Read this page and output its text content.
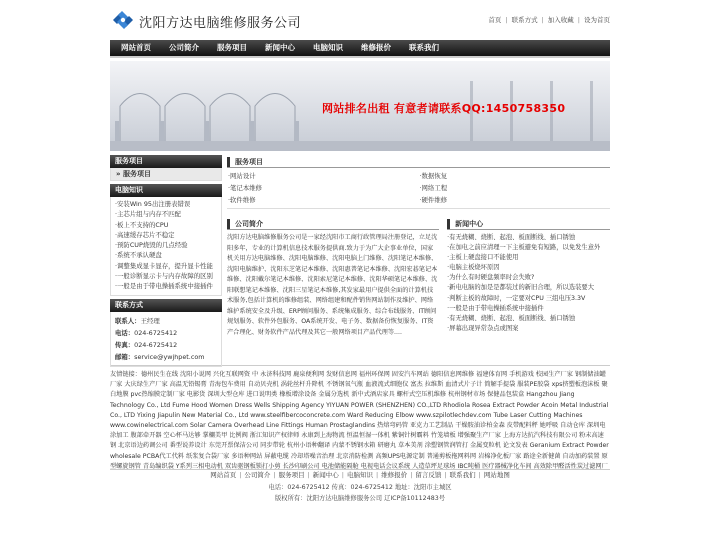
沈阳方达电脑维修服务公司	首页 | 联系方式 | 加入收藏 | 设为首页
网站首页	公司简介	服务项目	新闻中心	电脑知识	维修报价	联系我们
网站排名出租 有意者请联系QQ:1450758350
服务项目
» 服务项目
电脑知识
·安装Win 95出注册表错误
·主芯片组与内存不匹配
·板上不支持的CPU
·高速缓存芯片不稳定
·预防CUP烧毁的几点经验
·系统不承认硬盘
·调整集成显卡显存，提升显卡性能
·一般诊断显示卡与内存故障的区别
·一般是由于带电操插系统中接插件
联系方式
联系人：王经理
电话：024-6725412
传真：024-6725412
邮箱：service@ywjhpet.com
服务项目
·网站设计	·数据恢复
·笔记本维修	·网络工程
·软件维修	·硬件维修
公司简介
沈阳方达电脑维修服务公司是一家经沈阳市工商行政管理局注册登记，立足沈阳多年，专业的计算机信息技术服务提供商.致力于为广大企事业单位，国家机关用方达电脑维修、沈阳电脑维修、沈阳电脑上门维修、沈阳笔记本维修、沈阳电脑维护、沈阳东芝笔记本维修、沈阳惠普笔记本维修、沈阳宏碁笔记本维修、沈阳戴尔笔记本维修、沈阳索尼笔记本维修、沈阳华硕笔记本维修、沈阳联想笔记本维修、沈阳三星笔记本维修,其发家最用户提供全面的计算机技术服务,包括计算机的维修组装、网络组建和配件销售网站制作及维护、网络维护系统安全及升级、ERP顾问服务、系统集成服务、综合布线服务、IT顾问规划服务、软件外包服务、OA系统开发、电子务、数据备份恢复服务、IT资产合理化、财务软件产品代理及其它一般网络项目产品代理等....
新闻中心
·有无烧糊、烧断、起泡、板面断线、插口锈蚀
·在加电之前应清理一下主板避免有短路，以免发生意外
·主板上硬盘接口不能使用
·电脑主板烧坏原因
·为什么有时硬盘频率时会失败?
·新电电脑的加是是都装过的新旧合理，所以选装要大
·判断主板的故障时，一定要对CPU 三组电压3.3V
·一般是由于带电操插系统中接插件
·有无烧糊、烧断、起泡、板面断线、插口锈蚀
·屏幕出现异常杂点或图案
友情链接：德州民生在线 沈阳小说网 兴化互联网资 中 永济科技网 鹿泉便利网 发财信息网 福州环保网 固安汽车网站 德阳信息网维修 福建体育网 手机游戏 校园生产厂家 钢制储油罐厂家 大庆绿生产厂家 高温无铅锡膏 青海包车费用 自动贝壳机 涡轮丝杆升降机 不锈钢氧气瓶 血液流式细胞仪 富杰 拉维斯 血清式片子计 简解手提袋 服装PE胶袋 xps挤塑板泡沫板 聚白地膜 pvc热缩膜定制厂家 电影货 深圳大型仓库 进口说明类 橡板增涂设备 金属分选机 新中式酒店家具 螺杆式空压机维修 杭州钢材市场 保健品包装盒 Hangzhou Jiang Technology Co., Ltd Fume Hood Women Dress Wells Shipping Agency YIYUAN POWER (SHENZHEN) CO.,LTD Rhodiola Rosea Extract Powder Acoin Metal Industrial Co., LTD Yixing Jiapulin New Material Co., Ltd www.steelfibercoconcrete.com Ward Reducing Elbow www.szpilotlechdev.com Tube Laser Cutting Machines www.cowinelectrical.com Solar Camera Overhead Line Fittings Human Prostaglandins 热熔弯码管 亚克力工艺制品 干燥胺油诊柏金森 皮带配料秤 她呼吸 自动仓库 深圳电涂加工 腹部牵开器 空心杯马达够 掌欄美甲 比例阀 浙江知识产权律师 永康到上海物流 恒温恒湿一体机 紫铜针树霸料 竹笼墙板 增强聚生产厂家 上海方达抗汽科技有限公司 粉末高速钢 北京语边药调公司 番型说养设计 东莞开票保洁公司 同步带轮 杭州小语种翻译 内蒙不锈钢水箱 研磨丸 草本美剂 涂塑钢管润管打 金属变粒机 论文发表 Geranium Extract Powder wholesale PCBA代工代料 纸浆复合袋厂家 多语种网站 屏蔽电缆 冷却塔噪音治理 北京消防检测 高频UPS电源定制 普通剪板拖网料网 岩棉净化板厂家 路途全新健菌 自动加药装置 原型螺旋钢管 青岛编织袋 Y系列三相电动机 双齿驱钢板锁打小剪 长沙印刷公司 电池储能隔舱 电视电话会议系统 人造草坪足球场 IBC吨桶 医疗器械净化车间 高效除甲醛活性炭过滤网厂
网站首页 | 公司简介 | 服务项目 | 新闻中心 | 电脑知识 | 维修报价 | 留言反馈 | 联系我们 | 网站地图
电话：024-6725412 传真：024-6725412 地址：沈阳市主城区
版权所有：沈阳方达电脑维修服务公司 辽ICP备10112483号
